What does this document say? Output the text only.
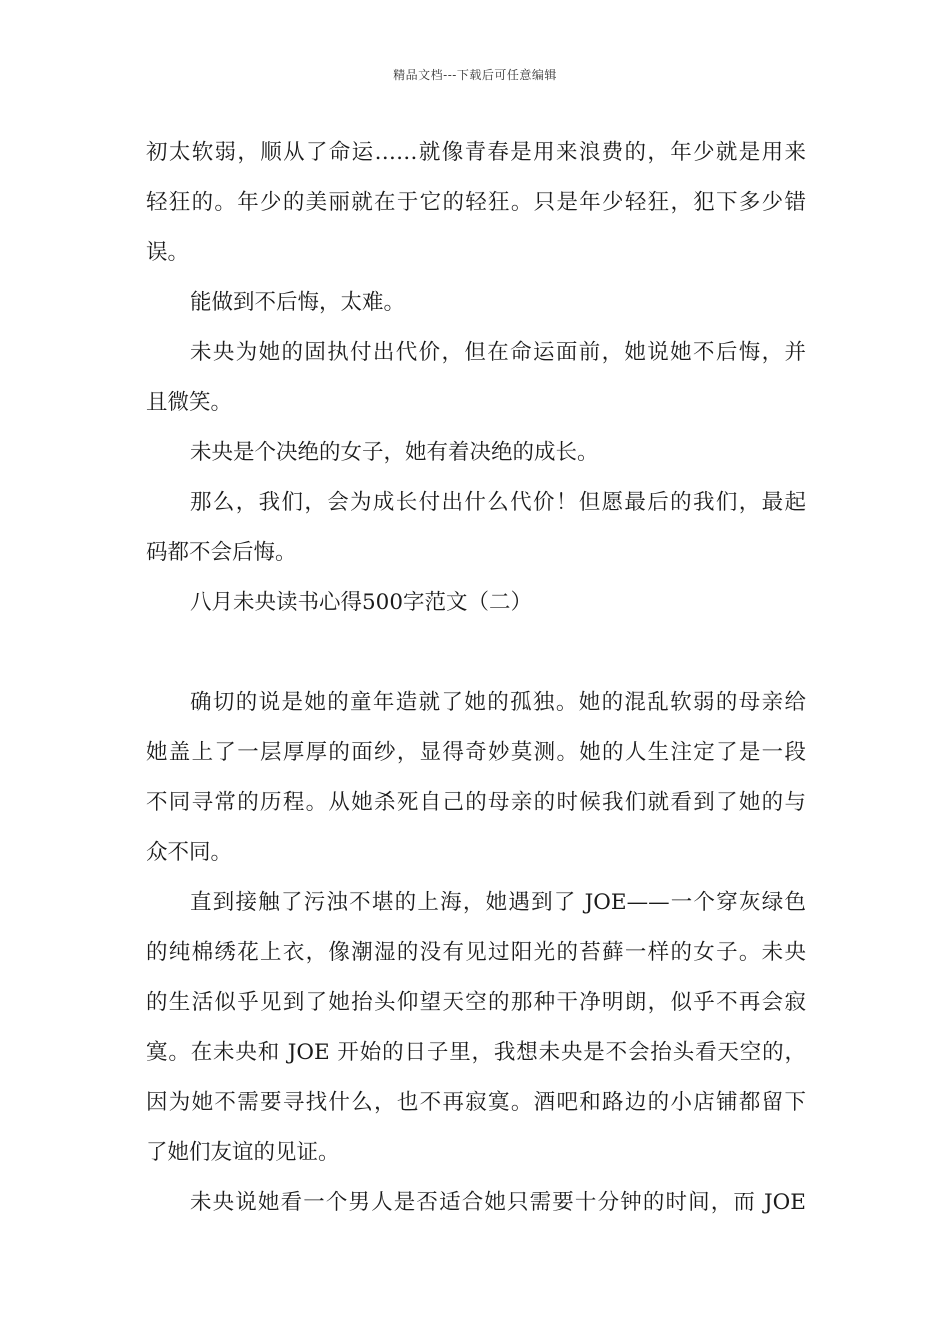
精品文档---下载后可任意编辑
初太软弱，顺从了命运……就像青春是用来浪费的，年少就是用来
轻狂的。年少的美丽就在于它的轻狂。只是年少轻狂，犯下多少错
误。
能做到不后悔，太难。
未央为她的固执付出代价，但在命运面前，她说她不后悔，并
且微笑。
未央是个决绝的女子，她有着决绝的成长。
那么，我们，会为成长付出什么代价！但愿最后的我们，最起
码都不会后悔。
八月未央读书心得500字范文（二）
确切的说是她的童年造就了她的孤独。她的混乱软弱的母亲给
她盖上了一层厚厚的面纱，显得奇妙莫测。她的人生注定了是一段
不同寻常的历程。从她杀死自己的母亲的时候我们就看到了她的与
众不同。
直到接触了污浊不堪的上海，她遇到了 JOE——一个穿灰绿色
的纯棉绣花上衣，像潮湿的没有见过阳光的苔藓一样的女子。未央
的生活似乎见到了她抬头仰望天空的那种干净明朗，似乎不再会寂
寞。在未央和 JOE 开始的日子里，我想未央是不会抬头看天空的，
因为她不需要寻找什么，也不再寂寞。酒吧和路边的小店铺都留下
了她们友谊的见证。
未央说她看一个男人是否适合她只需要十分钟的时间，而 JOE
